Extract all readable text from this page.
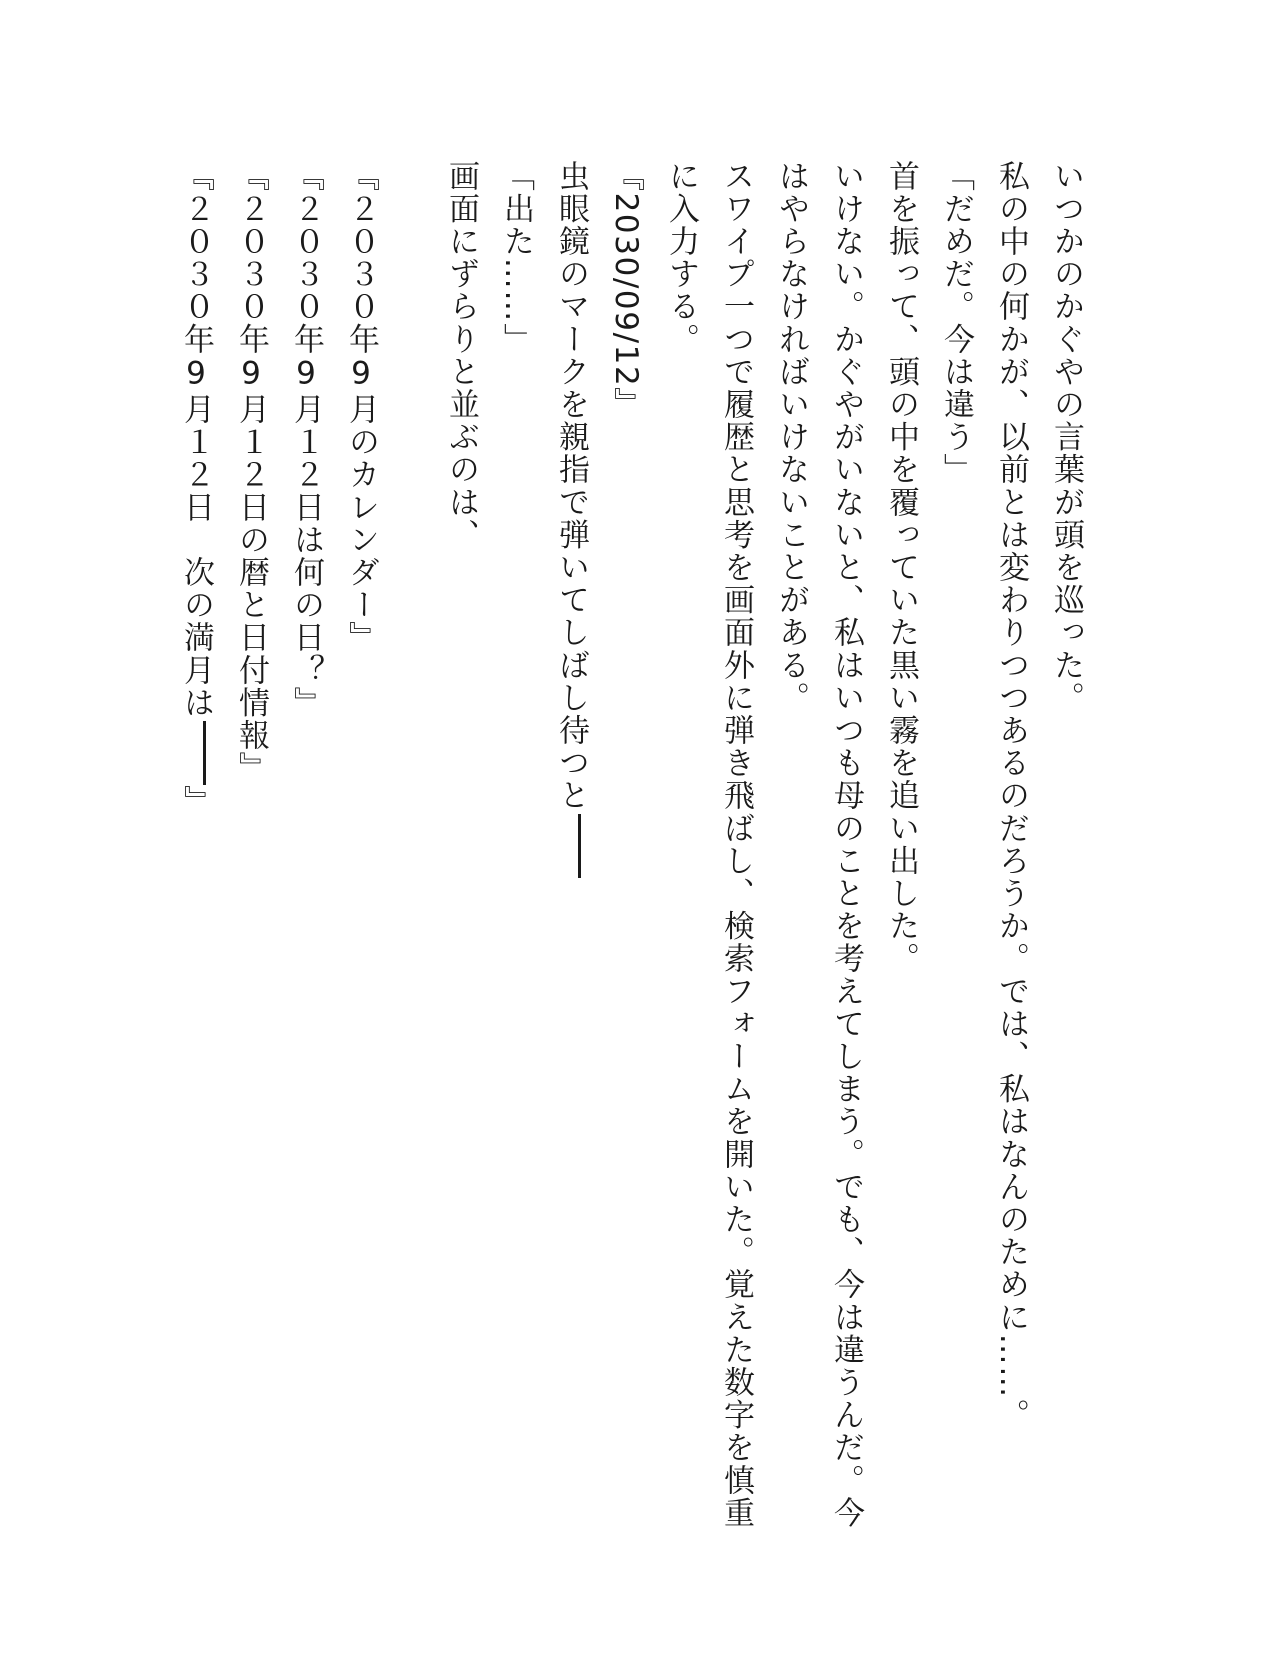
いつかのかぐやの言葉が頭を巡った。
私の中の何かが、以前とは変わりつつあるのだろうか。では、私はなんのために……。
「だめだ。今は違う」
首を振って、頭の中を覆っていた黒い霧を追い出した。
いけない。かぐやがいないと、私はいつも母のことを考えてしまう。でも、今は違うんだ。今
はやらなければいけないことがある。
スワイプ一つで履歴と思考を画面外に弾き飛ばし、検索フォームを開いた。覚えた数字を慎重
に入力する。
『2030/09/12』
虫眼鏡のマークを親指で弾いてしばし待つと
「出た……」
画面にずらりと並ぶのは、
『２０３０年9月のカレンダー』
『２０３０年9月１２日は何の日？』
『２０３０年9月１２日の暦と日付情報』
『２０３０年9月１２日　次の満月は』
